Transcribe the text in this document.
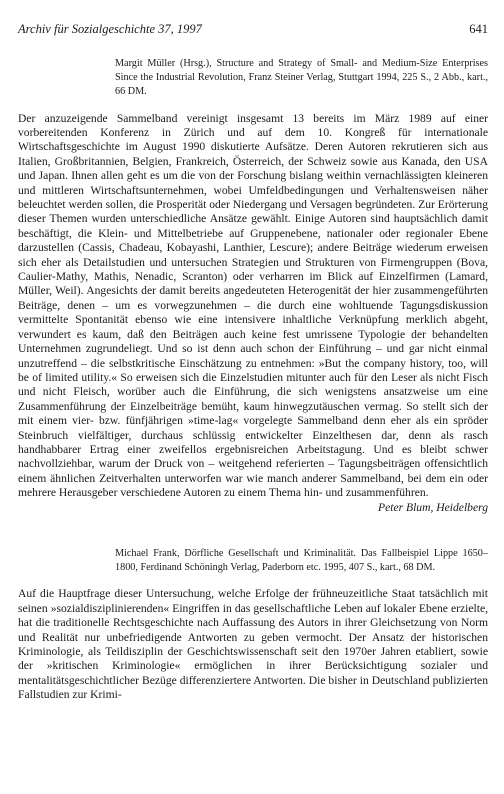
Archiv für Sozialgeschichte 37, 1997	641
Margit Müller (Hrsg.), Structure and Strategy of Small- and Medium-Size Enterprises Since the Industrial Revolution, Franz Steiner Verlag, Stuttgart 1994, 225 S., 2 Abb., kart., 66 DM.

Der anzuzeigende Sammelband vereinigt insgesamt 13 bereits im März 1989 auf einer vorbereitenden Konferenz in Zürich und auf dem 10. Kongreß für internationale Wirtschaftsgeschichte im August 1990 diskutierte Aufsätze. Deren Autoren rekrutieren sich aus Italien, Großbritannien, Belgien, Frankreich, Österreich, der Schweiz sowie aus Kanada, den USA und Japan. Ihnen allen geht es um die von der Forschung bislang weithin vernachlässigten kleineren und mittleren Wirtschaftsunternehmen, wobei Umfeldbedingungen und Verhaltensweisen näher beleuchtet werden sollen, die Prosperität oder Niedergang und Versagen begründeten. Zur Erörterung dieser Themen wurden unterschiedliche Ansätze gewählt. Einige Autoren sind hauptsächlich damit beschäftigt, die Klein- und Mittelbetriebe auf Gruppenebene, nationaler oder regionaler Ebene darzustellen (Cassis, Chadeau, Kobayashi, Lanthier, Lescure); andere Beiträge wiederum erweisen sich eher als Detailstudien und untersuchen Strategien und Strukturen von Firmengruppen (Bova, Caulier-Mathy, Mathis, Nenadic, Scranton) oder verharren im Blick auf Einzelfirmen (Lamard, Müller, Weil). Angesichts der damit bereits angedeuteten Heterogenität der hier zusammengeführten Beiträge, denen – um es vorwegzunehmen – die durch eine wohltuende Tagungsdiskussion vermittelte Spontanität ebenso wie eine intensivere inhaltliche Verknüpfung merklich abgeht, verwundert es kaum, daß den Beiträgen auch keine fest umrissene Typologie der behandelten Unternehmen zugrundeliegt. Und so ist denn auch schon der Einführung – und gar nicht einmal unzutreffend – die selbstkritische Einschätzung zu entnehmen: »But the company history, too, will be of limited utility.« So erweisen sich die Einzelstudien mitunter auch für den Leser als nicht Fisch und nicht Fleisch, worüber auch die Einführung, die sich wenigstens ansatzweise um eine Zusammenführung der Einzelbeiträge bemüht, kaum hinwegzutäuschen vermag. So stellt sich der mit einem vier- bzw. fünfjährigen »time-lag« vorgelegte Sammelband denn eher als ein spröder Steinbruch vielfältiger, durchaus schlüssig entwickelter Einzelthesen dar, denn als rasch handhabbarer Ertrag einer zweifellos ergebnisreichen Arbeitstagung. Und es bleibt schwer nachvollziehbar, warum der Druck von – weitgehend referierten – Tagungsbeiträgen offensichtlich einem ähnlichen Zeitverhalten unterworfen war wie manch anderer Sammelband, bei dem ein oder mehrere Herausgeber verschiedene Autoren zu einem Thema hin- und zusammenführen.

Peter Blum, Heidelberg
Michael Frank, Dörfliche Gesellschaft und Kriminalität. Das Fallbeispiel Lippe 1650–1800, Ferdinand Schöningh Verlag, Paderborn etc. 1995, 407 S., kart., 68 DM.

Auf die Hauptfrage dieser Untersuchung, welche Erfolge der frühneuzeitliche Staat tatsächlich mit seinen »sozialdisziplinierenden« Eingriffen in das gesellschaftliche Leben auf lokaler Ebene erzielte, hat die traditionelle Rechtsgeschichte nach Auffassung des Autors in ihrer Gleichsetzung von Norm und Realität nur unbefriedigende Antworten zu geben vermocht. Der Ansatz der historischen Kriminologie, als Teildisziplin der Geschichtswissenschaft seit den 1970er Jahren etabliert, sowie der »kritischen Kriminologie« ermöglichen in ihrer Berücksichtigung sozialer und mentalitätsgeschichtlicher Bezüge differenziertere Antworten. Die bisher in Deutschland publizierten Fallstudien zur Krimi-
